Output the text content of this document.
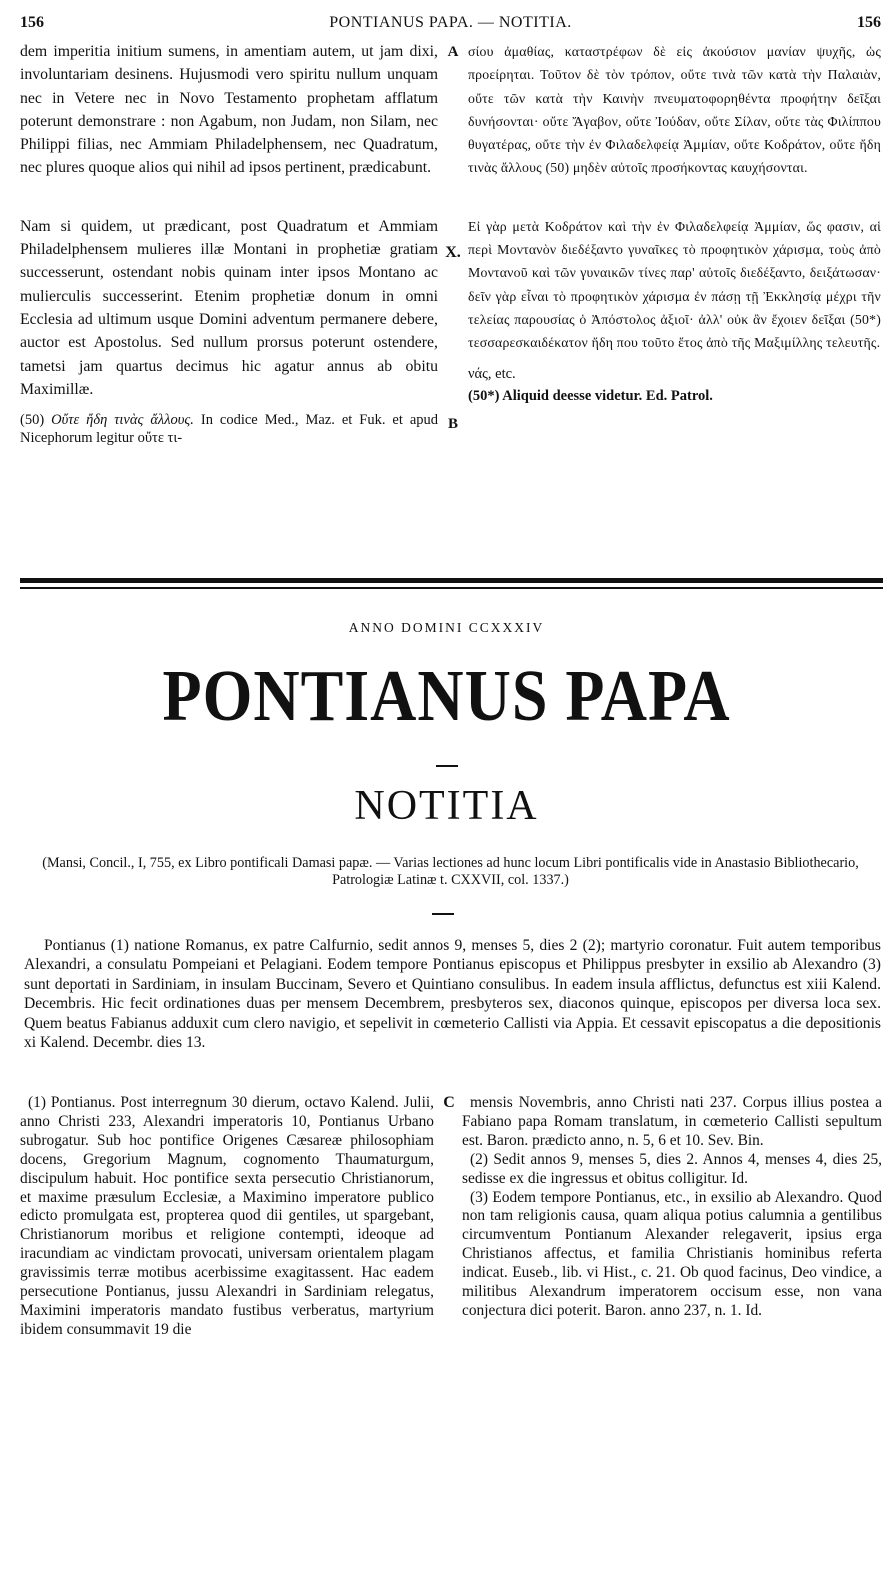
156	PONTIANUS PAPA. — NOTITIA.	156

dem imperitia initium sumens, in amentiam autem, ut jam dixi, involuntariam desinens. Hujusmodi vero spiritu nullum unquam nec in Vetere nec in Novo Testamento prophetam afflatum poterunt demonstrare : non Agabum, non Judam, non Silam, nec Philippi filias, nec Ammiam Philadelphensem, nec Quadratum, nec plures quoque alios qui nihil ad ipsos pertinent, prædicabunt.

Nam si quidem, ut prædicant, post Quadratum et Ammiam Philadelphensem mulieres illæ Montani in prophetiæ gratiam successerunt, ostendant nobis quinam inter ipsos Montano ac mulierculis successerint. Etenim prophetiæ donum in omni Ecclesia ad ultimum usque Domini adventum permanere debere, auctor est Apostolus. Sed nullum prorsus poterunt ostendere, tametsi jam quartus decimus hic agatur annus ab obitu Maximillæ.

(50) Οὔτε ἤδη τινὰς ἄλλους. In codice Med., Maz. et Fuk. et apud Nicephorum legitur οὔτε τι-

A
X.
B

σίου ἀμαθίας, καταστρέφων δὲ εἰς ἀκούσιον μανίαν ψυχῆς, ὡς προείρηται. Τοῦτον δὲ τὸν τρόπον, οὔτε τινὰ τῶν κατὰ τὴν Παλαιὰν, οὔτε τῶν κατὰ τὴν Καινὴν πνευματοφορηθέντα προφήτην δεῖξαι δυνήσονται· οὔτε Ἄγαβον, οὔτε Ἰούδαν, οὔτε Σίλαν, οὔτε τὰς Φιλίππου θυγατέρας, οὔτε τὴν ἐν Φιλαδελφείᾳ Ἀμμίαν, οὔτε Κοδράτον, οὔτε ἤδη τινὰς ἄλλους (50) μηδὲν αὐτοῖς προσήκοντας καυχήσονται.

Εἰ γὰρ μετὰ Κοδράτον καὶ τὴν ἐν Φιλαδελφείᾳ Ἀμμίαν, ὥς φασιν, αἱ περὶ Μοντανὸν διεδέξαντο γυναῖκες τὸ προφητικὸν χάρισμα, τοὺς ἀπὸ Μοντανοῦ καὶ τῶν γυναικῶν τίνες παρ' αὐτοῖς διεδέξαντο, δειξάτωσαν· δεῖν γὰρ εἶναι τὸ προφητικὸν χάρισμα ἐν πάσῃ τῇ Ἐκκλησίᾳ μέχρι τῆν τελείας παρουσίας ὁ Ἀπόστολος ἀξιοῖ· ἀλλ' οὐκ ἂν ἔχοιεν δεῖξαι (50*) τεσσαρεσκαιδέκατον ἤδη που τοῦτο ἔτος ἀπὸ τῆς Μαξιμίλλης τελευτῆς.

νάς, etc.

(50*) Aliquid deesse videtur. Ed. Patrol.

ANNO DOMINI CCXXXIV
PONTIANUS PAPA
NOTITIA
(Mansi, Concil., I, 755, ex Libro pontificali Damasi papæ. — Varias lectiones ad hunc locum Libri pontificalis vide in Anastasio Bibliothecario, Patrologiæ Latinæ t. CXXVII, col. 1337.)

Pontianus (1) natione Romanus, ex patre Calfurnio, sedit annos 9, menses 5, dies 2 (2); martyrio coronatur. Fuit autem temporibus Alexandri, a consulatu Pompeiani et Pelagiani. Eodem tempore Pontianus episcopus et Philippus presbyter in exsilio ab Alexandro (3) sunt deportati in Sardiniam, in insulam Buccinam, Severo et Quintiano consulibus. In eadem insula afflictus, defunctus est xiii Kalend. Decembris. Hic fecit ordinationes duas per mensem Decembrem, presbyteros sex, diaconos quinque, episcopos per diversa loca sex. Quem beatus Fabianus adduxit cum clero navigio, et sepelivit in cœmeterio Callisti via Appia. Et cessavit episcopatus a die depositionis xi Kalend. Decembr. dies 13.

(1) Pontianus. Post interregnum 30 dierum, octavo Kalend. Julii, anno Christi 233, Alexandri imperatoris 10, Pontianus Urbano subrogatur. Sub hoc pontifice Origenes Cæsareæ philosophiam docens, Gregorium Magnum, cognomento Thaumaturgum, discipulum habuit. Hoc pontifice sexta persecutio Christianorum, et maxime præsulum Ecclesiæ, a Maximino imperatore publico edicto promulgata est, propterea quod dii gentiles, ut spargebant, Christianorum moribus et religione contempti, ideoque ad iracundiam ac vindictam provocati, universam orientalem plagam gravissimis terræ motibus acerbissime exagitassent. Hac eadem persecutione Pontianus, jussu Alexandri in Sardiniam relegatus, Maximini imperatoris mandato fustibus verberatus, martyrium ibidem consummavit 19 die

C mensis Novembris, anno Christi nati 237. Corpus illius postea a Fabiano papa Romam translatum, in cœmeterio Callisti sepultum est. Baron. prædicto anno, n. 5, 6 et 10. Sev. Bin.

(2) Sedit annos 9, menses 5, dies 2. Annos 4, menses 4, dies 25, sedisse ex die ingressus et obitus colligitur. Id.

(3) Eodem tempore Pontianus, etc., in exsilio ab Alexandro. Quod non tam religionis causa, quam aliqua potius calumnia a gentilibus circumventum Pontianum Alexander relegaverit, ipsius erga Christianos affectus, et familia Christianis hominibus referta indicat. Euseb., lib. vi Hist., c. 21. Ob quod facinus, Deo vindice, a militibus Alexandrum imperatorem occisum esse, non vana conjectura dici poterit. Baron. anno 237, n. 1. Id.
